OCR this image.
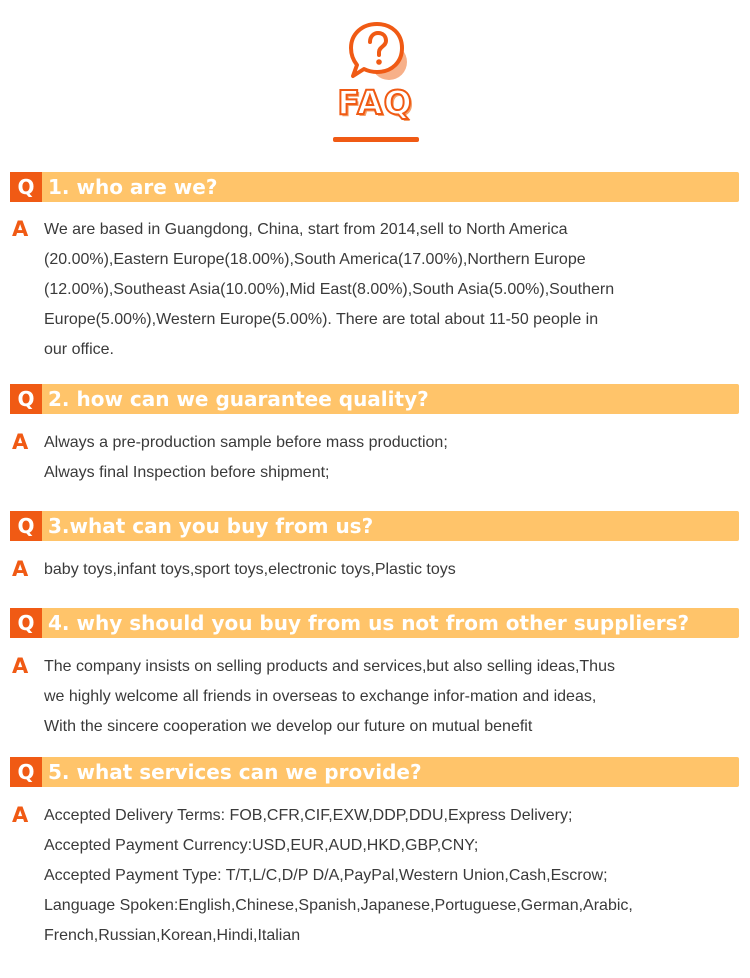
FAQ
Q 1. who are we?
A We are based in Guangdong, China, start from 2014,sell to North America
(20.00%),Eastern Europe(18.00%),South America(17.00%),Northern Europe
(12.00%),Southeast Asia(10.00%),Mid East(8.00%),South Asia(5.00%),Southern
Europe(5.00%),Western Europe(5.00%). There are total about 11-50 people in
our office.
Q 2. how can we guarantee quality?
A Always a pre-production sample before mass production;
Always final Inspection before shipment;
Q 3.what can you buy from us?
A baby toys,infant toys,sport toys,electronic toys,Plastic toys
Q 4. why should you buy from us not from other suppliers?
A The company insists on selling products and services,but also selling ideas,Thus
we highly welcome all friends in overseas to exchange infor-mation and ideas,
With the sincere cooperation we develop our future on mutual benefit
Q 5. what services can we provide?
A Accepted Delivery Terms: FOB,CFR,CIF,EXW,DDP,DDU,Express Delivery;
Accepted Payment Currency:USD,EUR,AUD,HKD,GBP,CNY;
Accepted Payment Type: T/T,L/C,D/P D/A,PayPal,Western Union,Cash,Escrow;
Language Spoken:English,Chinese,Spanish,Japanese,Portuguese,German,Arabic,
French,Russian,Korean,Hindi,Italian
